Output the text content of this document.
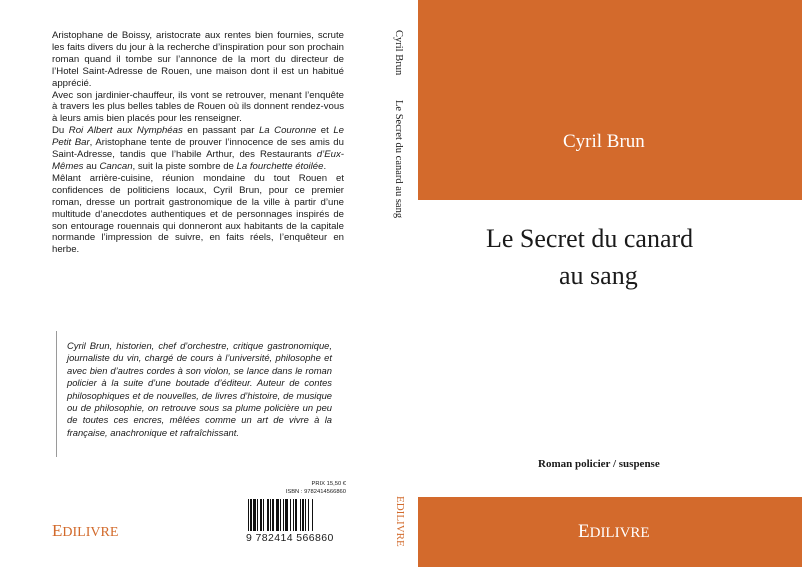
Aristophane de Boissy, aristocrate aux rentes bien fournies, scrute les faits divers du jour à la recherche d’inspiration pour son prochain roman quand il tombe sur l’annonce de la mort du directeur de l’Hotel Saint-Adresse de Rouen, une maison dont il est un habitué apprécié.

Avec son jardinier-chauffeur, ils vont se retrouver, menant l’enquête à travers les plus belles tables de Rouen où ils donnent rendez-vous à leurs amis bien placés pour les renseigner.

Du Roi Albert aux Nymphéas en passant par La Couronne et Le Petit Bar, Aristophane tente de prouver l’innocence de ses amis du Saint-Adresse, tandis que l’habile Arthur, des Restaurants d’Eux-Mêmes au Cancan, suit la piste sombre de La fourchette étoilée.

Mêlant arrière-cuisine, réunion mondaine du tout Rouen et confidences de politiciens locaux, Cyril Brun, pour ce premier roman, dresse un portrait gastronomique de la ville à partir d’une multitude d’anecdotes authentiques et de personnages inspirés de son entourage rouennais qui donneront aux habitants de la capitale normande l’impression de suivre, en faits réels, l’enquêteur en herbe.

Cyril Brun, historien, chef d’orchestre, critique gastronomique, journaliste du vin, chargé de cours à l’université, philosophe et avec bien d’autres cordes à son violon, se lance dans le roman policier à la suite d’une boutade d’éditeur. Auteur de contes philosophiques et de nouvelles, de livres d’histoire, de musique ou de philosophie, on retrouve sous sa plume policière un peu de toutes ces encres, mêlées comme un art de vivre à la française, anachronique et rafraîchissant.
PRIX 15,50 €
ISBN : 9782414566860
9 782414 566860
EDILIVRE
Cyril Brun
Le Secret du canard au sang
EDILIVRE
Cyril Brun
Le Secret du canard
au sang
Roman policier / suspense
EDILIVRE
